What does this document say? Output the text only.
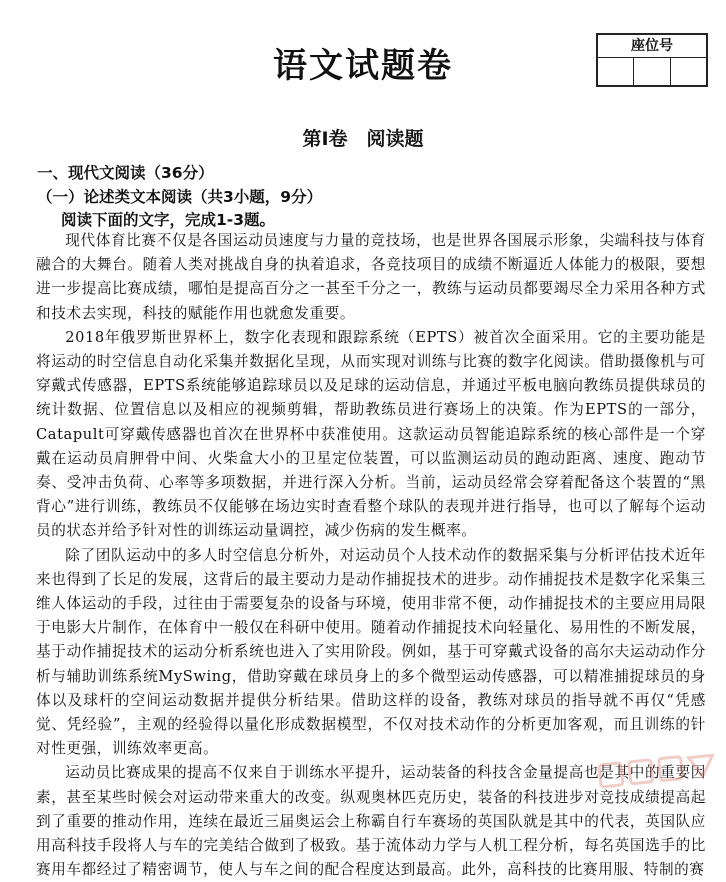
座位号
语文试题卷
第Ⅰ卷　阅读题
一、现代文阅读（36分）
（一）论述类文本阅读（共3小题，9分）
阅读下面的文字，完成1-3题。

现代体育比赛不仅是各国运动员速度与力量的竞技场，也是世界各国展示形象，尖端科技与体育融合的大舞台。随着人类对挑战自身的执着追求，各竞技项目的成绩不断逼近人体能力的极限，要想进一步提高比赛成绩，哪怕是提高百分之一甚至千分之一，教练与运动员都要竭尽全力采用各种方式和技术去实现，科技的赋能作用也就愈发重要。

2018年俄罗斯世界杯上，数字化表现和跟踪系统（EPTS）被首次全面采用。它的主要功能是将运动的时空信息自动化采集并数据化呈现，从而实现对训练与比赛的数字化阅读。借助摄像机与可穿戴式传感器，EPTS系统能够追踪球员以及足球的运动信息，并通过平板电脑向教练员提供球员的统计数据、位置信息以及相应的视频剪辑，帮助教练员进行赛场上的决策。作为EPTS的一部分，Catapult可穿戴传感器也首次在世界杯中获准使用。这款运动员智能追踪系统的核心部件是一个穿戴在运动员肩胛骨中间、火柴盒大小的卫星定位装置，可以监测运动员的跑动距离、速度、跑动节奏、受冲击负荷、心率等多项数据，并进行深入分析。当前，运动员经常会穿着配备这个装置的“黑背心”进行训练，教练员不仅能够在场边实时查看整个球队的表现并进行指导，也可以了解每个运动员的状态并给予针对性的训练运动量调控，减少伤病的发生概率。

除了团队运动中的多人时空信息分析外，对运动员个人技术动作的数据采集与分析评估技术近年来也得到了长足的发展，这背后的最主要动力是动作捕捉技术的进步。动作捕捉技术是数字化采集三维人体运动的手段，过往由于需要复杂的设备与环境，使用非常不便，动作捕捉技术的主要应用局限于电影大片制作，在体育中一般仅在科研中使用。随着动作捕捉技术向轻量化、易用性的不断发展，基于动作捕捉技术的运动分析系统也进入了实用阶段。例如，基于可穿戴式设备的高尔夫运动动作分析与辅助训练系统MySwing，借助穿戴在球员身上的多个微型运动传感器，可以精准捕捉球员的身体以及球杆的空间运动数据并提供分析结果。借助这样的设备，教练对球员的指导就不再仅“凭感觉、凭经验”，主观的经验得以量化形成数据模型，不仅对技术动作的分析更加客观，而且训练的针对性更强，训练效率更高。

运动员比赛成果的提高不仅来自于训练水平提升，运动装备的科技含金量提高也是其中的重要因素，甚至某些时候会对运动带来重大的改变。纵观奥林匹克历史，装备的科技进步对竞技成绩提高起到了重要的推动作用，连续在最近三届奥运会上称霸自行车赛场的英国队就是其中的代表，英国队应用高科技手段将人与车的完美结合做到了极致。基于流体动力学与人机工程分析，每名英国选手的比赛用车都经过了精密调节，使人与车之间的配合程度达到最高。此外，高科技的比赛用服、特制的赛
